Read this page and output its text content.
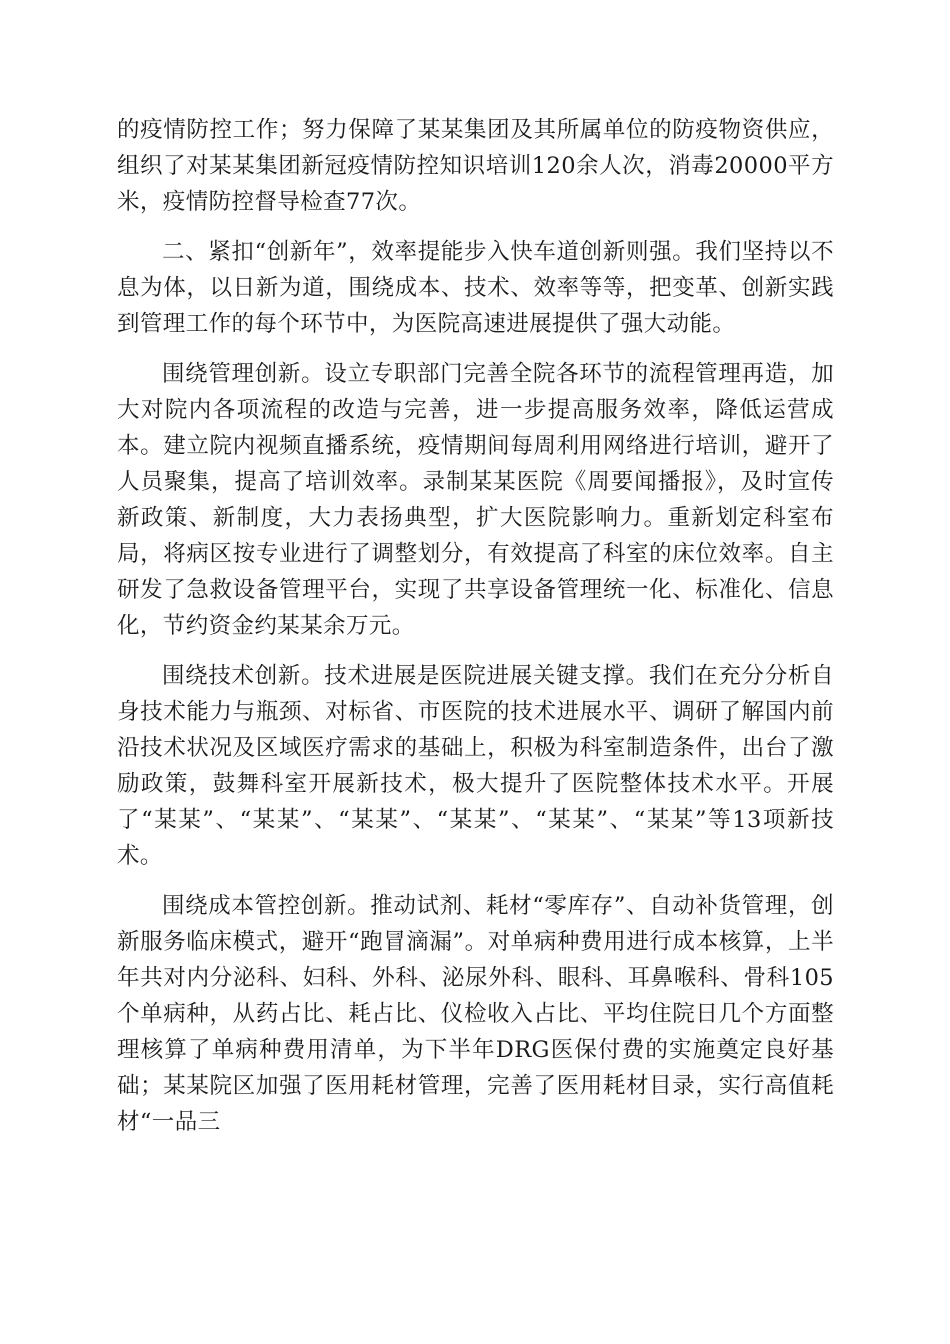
的疫情防控工作；努力保障了某某集团及其所属单位的防疫物资供应，组织了对某某集团新冠疫情防控知识培训120余人次，消毒20000平方米，疫情防控督导检查77次。

二、紧扣“创新年”，效率提能步入快车道创新则强。我们坚持以不息为体，以日新为道，围绕成本、技术、效率等等，把变革、创新实践到管理工作的每个环节中，为医院高速进展提供了强大动能。

围绕管理创新。设立专职部门完善全院各环节的流程管理再造，加大对院内各项流程的改造与完善，进一步提高服务效率，降低运营成本。建立院内视频直播系统，疫情期间每周利用网络进行培训，避开了人员聚集，提高了培训效率。录制某某医院《周要闻播报》，及时宣传新政策、新制度，大力表扬典型，扩大医院影响力。重新划定科室布局，将病区按专业进行了调整划分，有效提高了科室的床位效率。自主研发了急救设备管理平台，实现了共享设备管理统一化、标准化、信息化，节约资金约某某余万元。

围绕技术创新。技术进展是医院进展关键支撑。我们在充分分析自身技术能力与瓶颈、对标省、市医院的技术进展水平、调研了解国内前沿技术状况及区域医疗需求的基础上，积极为科室制造条件，出台了激励政策，鼓舞科室开展新技术，极大提升了医院整体技术水平。开展了“某某”、“某某”、“某某”、“某某”、“某某”、“某某”等13项新技术。

围绕成本管控创新。推动试剂、耗材“零库存”、自动补货管理，创新服务临床模式，避开“跑冒滴漏”。对单病种费用进行成本核算，上半年共对内分泌科、妇科、外科、泌尿外科、眼科、耳鼻喉科、骨科105个单病种，从药占比、耗占比、仪检收入占比、平均住院日几个方面整理核算了单病种费用清单，为下半年DRG医保付费的实施奠定良好基础；某某院区加强了医用耗材管理，完善了医用耗材目录，实行高值耗材“一品三
